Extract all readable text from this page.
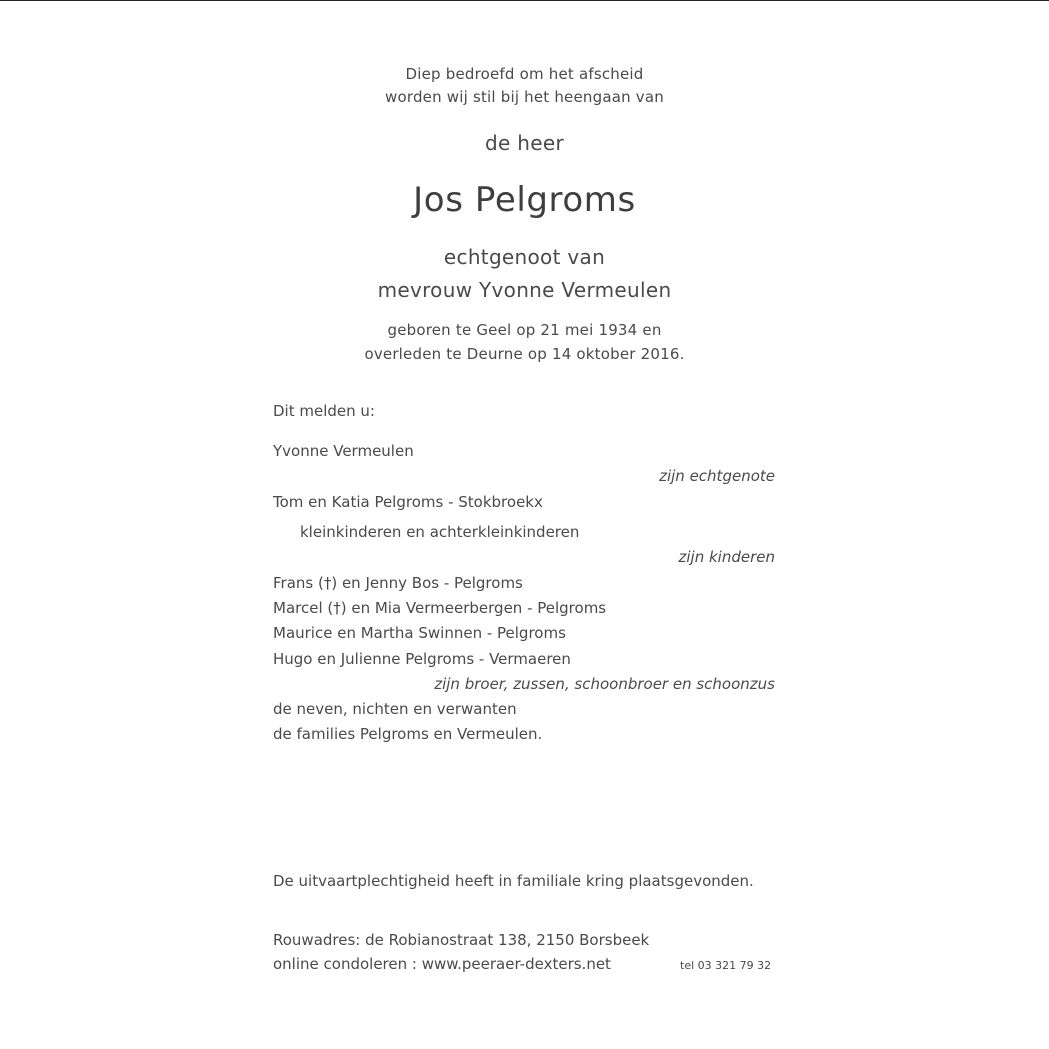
Diep bedroefd om het afscheid
worden wij stil bij het heengaan van
de heer
Jos Pelgroms
echtgenoot van
mevrouw Yvonne Vermeulen
geboren te Geel op 21 mei 1934 en
overleden te Deurne op 14 oktober 2016.
Dit melden u:
Yvonne Vermeulen
zijn echtgenote
Tom en Katia Pelgroms - Stokbroekx
kleinkinderen en achterkleinkinderen
zijn kinderen
Frans (†) en Jenny Bos - Pelgroms
Marcel (†) en Mia Vermeerbergen - Pelgroms
Maurice en Martha Swinnen - Pelgroms
Hugo en Julienne Pelgroms - Vermaeren
zijn broer, zussen, schoonbroer en schoonzus
de neven, nichten en verwanten
de families Pelgroms en Vermeulen.
De uitvaartplechtigheid heeft in familiale kring plaatsgevonden.
Rouwadres: de Robianostraat 138, 2150 Borsbeek
online condoleren : www.peeraer-dexters.net	tel 03 321 79 32
